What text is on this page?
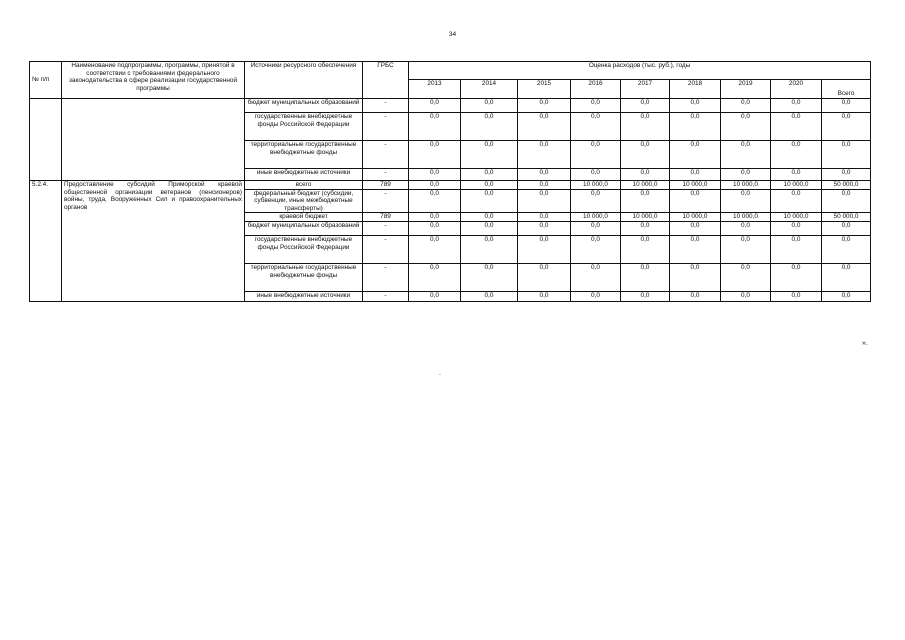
34
№ п/п	Наименование подпрограммы, программы, принятой в соответствии с требованиями федерального законодательства в сфере реализации государственной программы	Источники ресурсного обеспечения	ГРБС	Оценка расходов (тыс. руб.), годы								
				2013	2014	2015	2016	2017	2018	2019	2020	Всего
		бюджет муниципальных образований	-	0,0	0,0	0,0	0,0	0,0	0,0	0,0	0,0	0,0
		государственные внебюджетные фонды Российской Федерации	-	0,0	0,0	0,0	0,0	0,0	0,0	0,0	0,0	0,0
		территориальные государственные внебюджетные фонды	-	0,0	0,0	0,0	0,0	0,0	0,0	0,0	0,0	0,0
		иные внебюджетные источники	-	0,0	0,0	0,0	0,0	0,0	0,0	0,0	0,0	0,0
5.2.4.	Предоставление субсидий Приморской краевой общественной организации ветеранов (пенсионеров) войны, труда, Вооруженных Сил и правоохранительных органов	всего	789	0,0	0,0	0,0	10 000,0	10 000,0	10 000,0	10 000,0	10 000,0	50 000,0
		федеральный бюджет (субсидии, субвенции, иные межбюджетные трансферты)	-	0,0	0,0	0,0	0,0	0,0	0,0	0,0	0,0	0,0
		краевой бюджет	789	0,0	0,0	0,0	10 000,0	10 000,0	10 000,0	10 000,0	10 000,0	50 000,0
		бюджет муниципальных образований	-	0,0	0,0	0,0	0,0	0,0	0,0	0,0	0,0	0,0
		государственные внебюджетные фонды Российской Федерации	-	0,0	0,0	0,0	0,0	0,0	0,0	0,0	0,0	0,0
		территориальные государственные внебюджетные фонды	-	0,0	0,0	0,0	0,0	0,0	0,0	0,0	0,0	0,0
		иные внебюджетные источники	-	0,0	0,0	0,0	0,0	0,0	0,0	0,0	0,0	0,0
».
.
